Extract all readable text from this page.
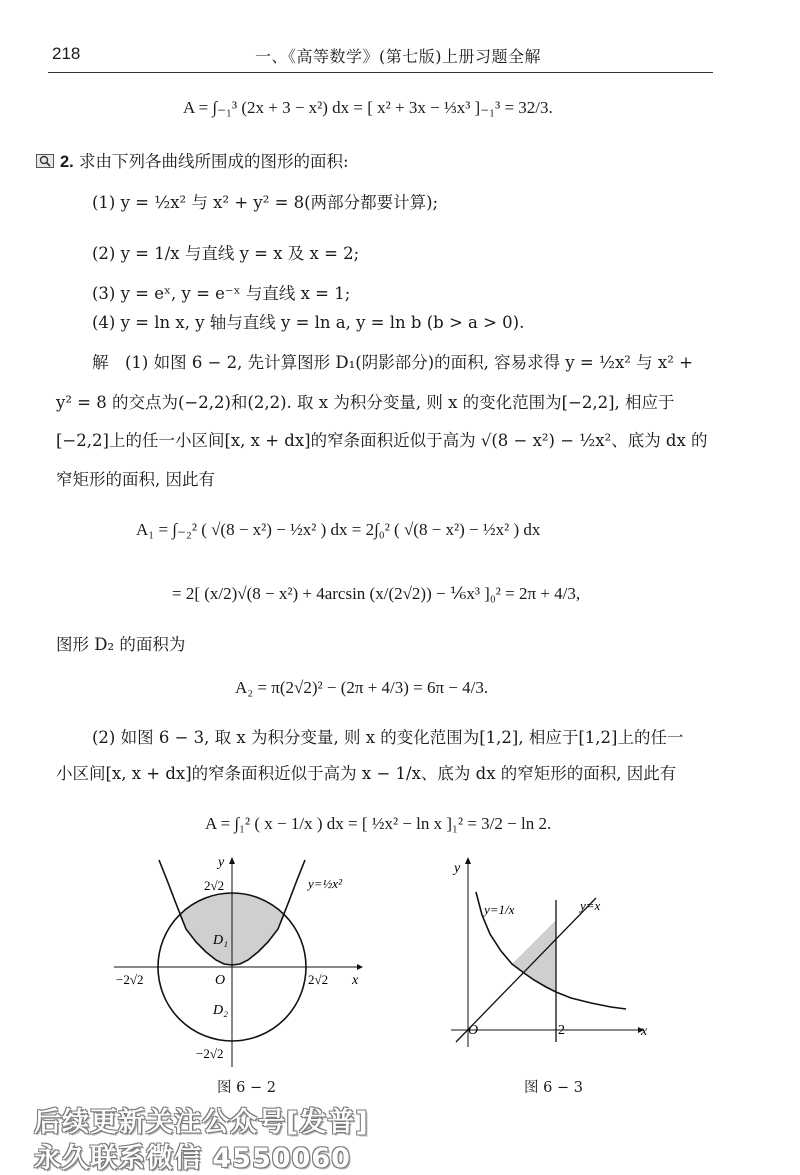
218	一、《高等数学》(第七版)上册习题全解
A = ∫₋₁³ (2x + 3 − x²) dx = [ x² + 3x − ⅓x³ ]₋₁³ = 32/3.
2. 求由下列各曲线所围成的图形的面积:
(1) y = ½x² 与 x² + y² = 8(两部分都要计算);
(2) y = 1/x 与直线 y = x 及 x = 2;
(3) y = eˣ, y = e⁻ˣ 与直线 x = 1;
(4) y = ln x, y 轴与直线 y = ln a, y = ln b (b > a > 0).
解　(1) 如图 6 − 2, 先计算图形 D₁(阴影部分)的面积, 容易求得 y = ½x² 与 x² +
y² = 8 的交点为(−2,2)和(2,2). 取 x 为积分变量, 则 x 的变化范围为[−2,2], 相应于
[−2,2]上的任一小区间[x, x + dx]的窄条面积近似于高为 √(8 − x²) − ½x²、底为 dx 的
窄矩形的面积, 因此有
A₁ = ∫₋₂² ( √(8 − x²) − ½x² ) dx = 2∫₀² ( √(8 − x²) − ½x² ) dx
= 2[ (x/2)√(8 − x²) + 4arcsin (x/(2√2)) − ⅙x³ ]₀² = 2π + 4/3,
图形 D₂ 的面积为
A₂ = π(2√2)² − (2π + 4/3) = 6π − 4/3.
(2) 如图 6 − 3, 取 x 为积分变量, 则 x 的变化范围为[1,2], 相应于[1,2]上的任一
小区间[x, x + dx]的窄条面积近似于高为 x − 1/x、底为 dx 的窄矩形的面积, 因此有
A = ∫₁² ( x − 1/x ) dx = [ ½x² − ln x ]₁² = 3/2 − ln 2.
y
x
O
2√2
−2√2
−2√2	2√2
D₁
D₂
y=½x²
图 6 − 2
y
x
O	2
y=1/x	y=x
图 6 − 3
后续更新关注公众号[发普]
永久联系微信 4550060
